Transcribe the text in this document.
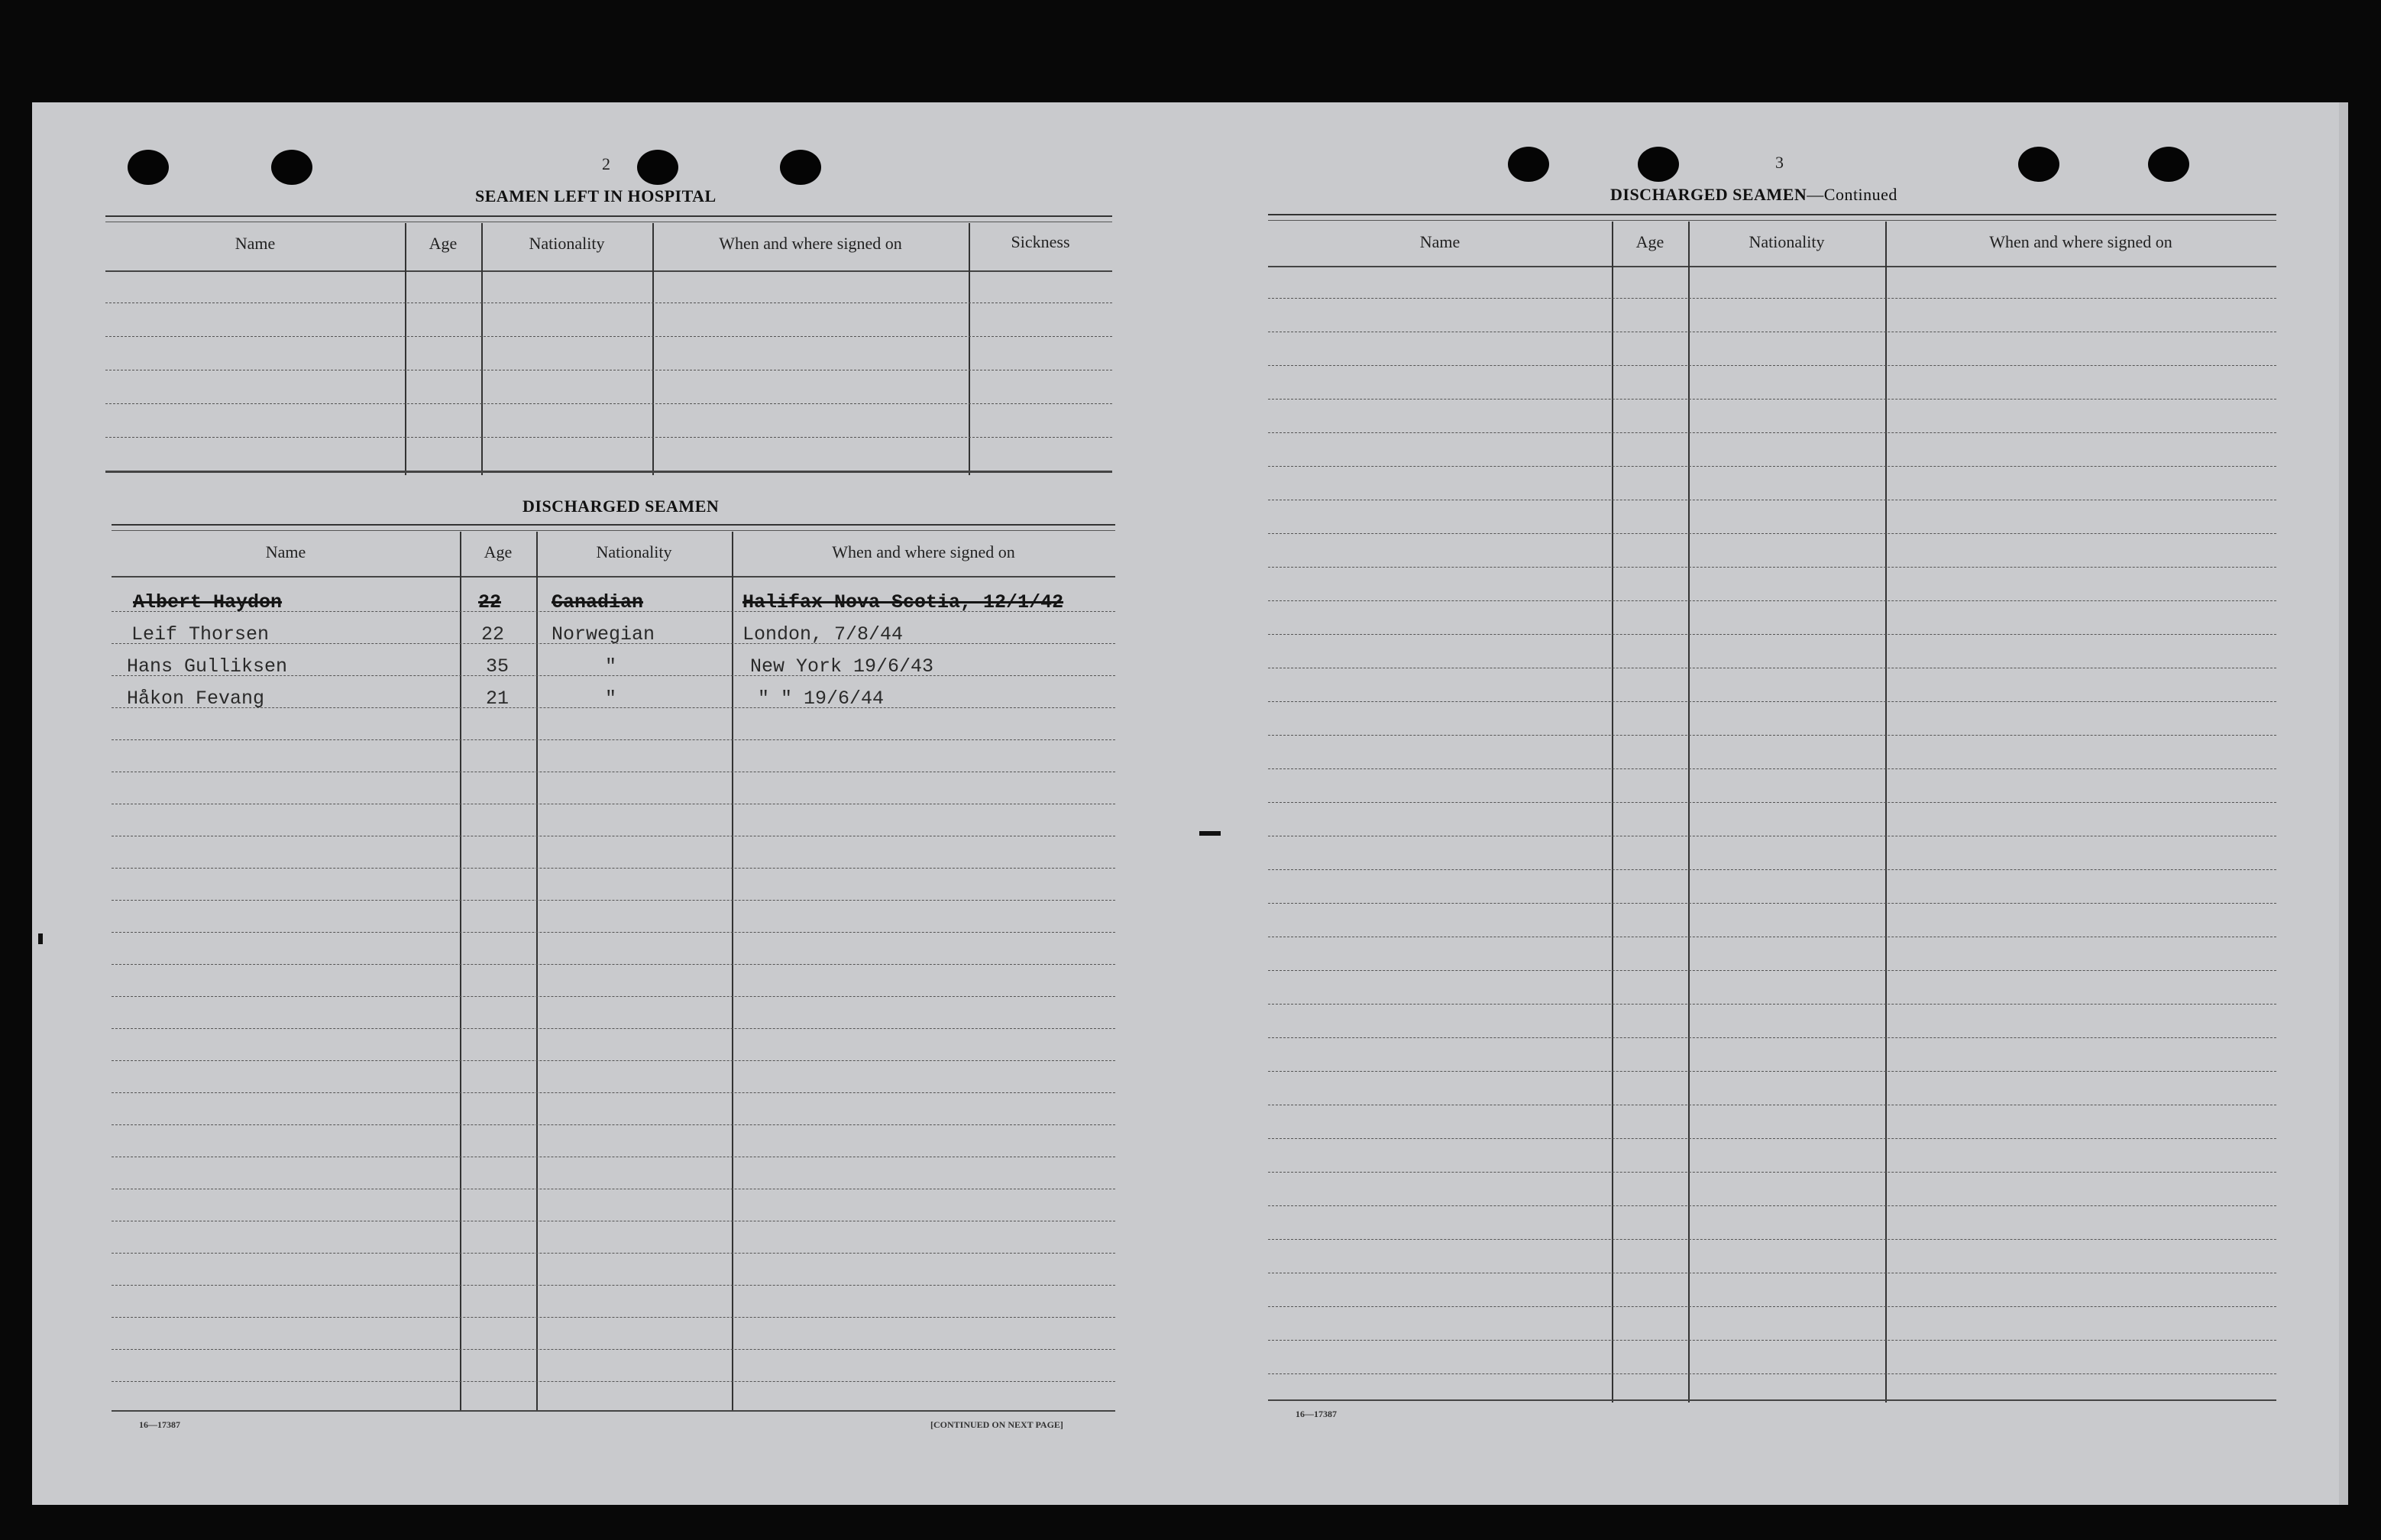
2
SEAMEN LEFT IN HOSPITAL
Name	Age	Nationality	When and where signed on	Sickness
DISCHARGED SEAMEN
Name	Age	Nationality	When and where signed on
Albert Haydon	22	Canadian	Halifax Nova Scotia, 12/1/42
Leif Thorsen	22 Norwegian	London, 7/8/44
Hans Gulliksen	35	"	New York 19/6/43
Håkon Fevang	21	"	" " 19/6/44
16—17387	[CONTINUED ON NEXT PAGE]
3
DISCHARGED SEAMEN—Continued
Name	Age	Nationality	When and where signed on
16—17387
